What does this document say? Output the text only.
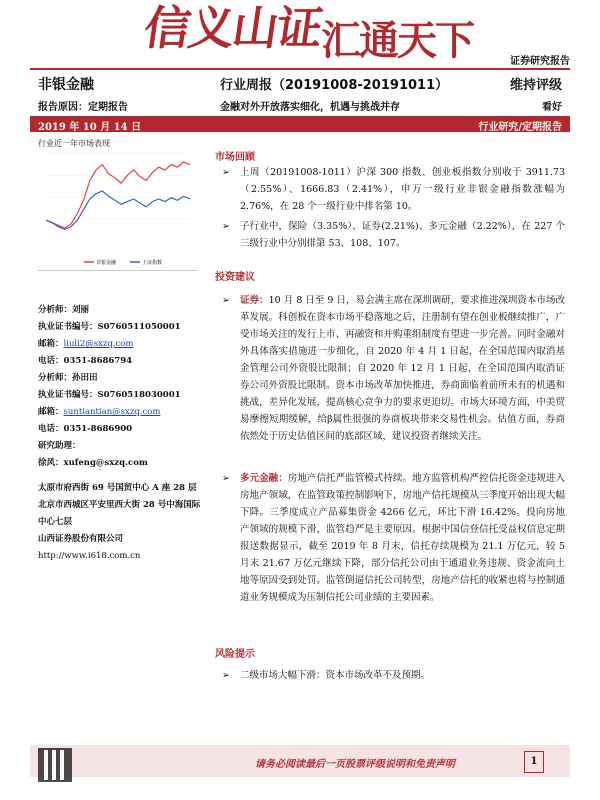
信义山证汇通天下	证券研究报告
非银金融	行业周报（20191008-20191011）	维持评级
报告原因：定期报告	金融对外开放落实细化，机遇与挑战并存	看好
2019 年 10 月 14 日	行业研究/定期报告
行业近一年市场表现
非银金融	上证指数
分析师：刘丽
执业证书编号：S0760511050001
邮箱：liuli2@sxzq.com
电话：0351-8686794
分析师：孙田田
执业证书编号：S0760518030001
邮箱：suntiantian@sxzq.com
电话：0351-8686900
研究助理：
徐风：xufeng@sxzq.com
太原市府西街 69 号国贸中心 A 座 28 层
北京市西城区平安里西大街 28 号中海国际中心七层
山西证券股份有限公司
http://www.i618.com.cn
市场回顾
➢ 上周（20191008-1011）沪深 300 指数、创业板指数分别收于 3911.73（2.55%）、1666.83（2.41%），申万一级行业非银金融指数涨幅为 2.76%，在 28 个一级行业中排名第 10。
➢ 子行业中，保险（3.35%）、证券(2.21%)、多元金融（2.22%），在 227 个三级行业中分别排第 53、108、107。
投资建议
➢ 证券：10 月 8 日至 9 日，易会满主席在深圳调研，要求推进深圳资本市场改革发展。科创板在资本市场平稳落地之后，注册制有望在创业板继续推广，广受市场关注的发行上市、再融资和并购重组制度有望进一步完善。同时金融对外具体落实措施进一步细化，自 2020 年 4 月 1 日起，在全国范围内取消基金管理公司外资股比限制；自 2020 年 12 月 1 日起，在全国范围内取消证券公司外资股比限制。资本市场改革加快推进，券商面临着前所未有的机遇和挑战，差异化发展，提高核心竞争力的要求更迫切。市场大环境方面，中美贸易摩擦短期缓解，给β属性很强的券商板块带来交易性机会。估值方面，券商依然处于历史估值区间的底部区域，建议投资者继续关注。
➢ 多元金融：房地产信托严监管模式持续。地方监管机构严控信托资金违规进入房地产领域，在监管政策控制影响下，房地产信托规模从三季度开始出现大幅下降。三季度成立产品募集资金 4266 亿元，环比下滑 16.42%。投向房地产领域的规模下滑，监管趋严是主要原因。根据中国信登信托受益权信息定期报送数据显示，截至 2019 年 8 月末，信托存续规模为 21.1 万亿元，较 5 月末 21.67 万亿元继续下降，部分信托公司由于通道业务违规、资金流向土地等原因受到处罚。监管倒逼信托公司转型，房地产信托的收紧也将与控制通道业务规模成为压制信托公司业绩的主要因素。
风险提示
➢ 二级市场大幅下滑：资本市场改革不及预期。
请务必阅读最后一页股票评级说明和免责声明	1
